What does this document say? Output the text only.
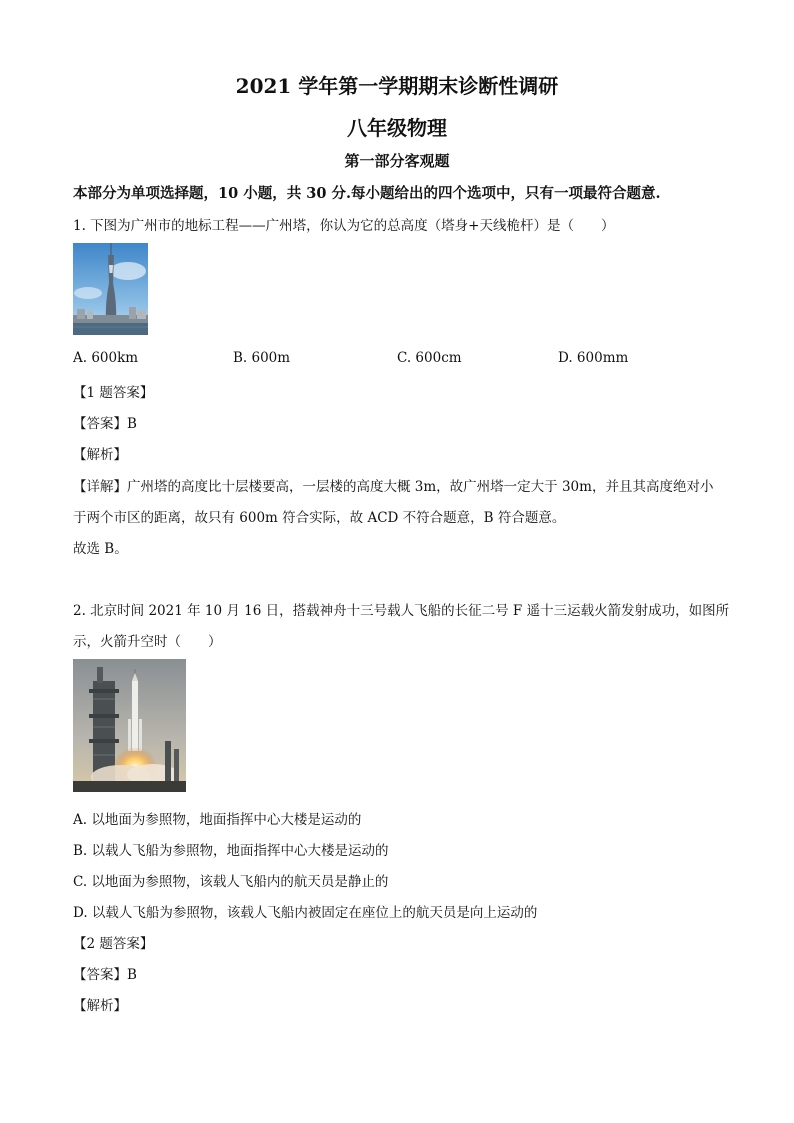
2021 学年第一学期期末诊断性调研
八年级物理
第一部分客观题
本部分为单项选择题，10 小题，共 30 分.每小题给出的四个选项中，只有一项最符合题意.
1. 下图为广州市的地标工程——广州塔，你认为它的总高度（塔身+天线桅杆）是（　　）
A. 600km	B. 600m	C. 600cm	D. 600mm
【1 题答案】
【答案】B
【解析】
【详解】广州塔的高度比十层楼要高，一层楼的高度大概 3m，故广州塔一定大于 30m，并且其高度绝对小
于两个市区的距离，故只有 600m 符合实际，故 ACD 不符合题意，B 符合题意。
故选 B。
2. 北京时间 2021 年 10 月 16 日，搭载神舟十三号载人飞船的长征二号 F 遥十三运载火箭发射成功，如图所
示，火箭升空时（　　）
A. 以地面为参照物，地面指挥中心大楼是运动的
B. 以载人飞船为参照物，地面指挥中心大楼是运动的
C. 以地面为参照物，该载人飞船内的航天员是静止的
D. 以载人飞船为参照物，该载人飞船内被固定在座位上的航天员是向上运动的
【2 题答案】
【答案】B
【解析】
